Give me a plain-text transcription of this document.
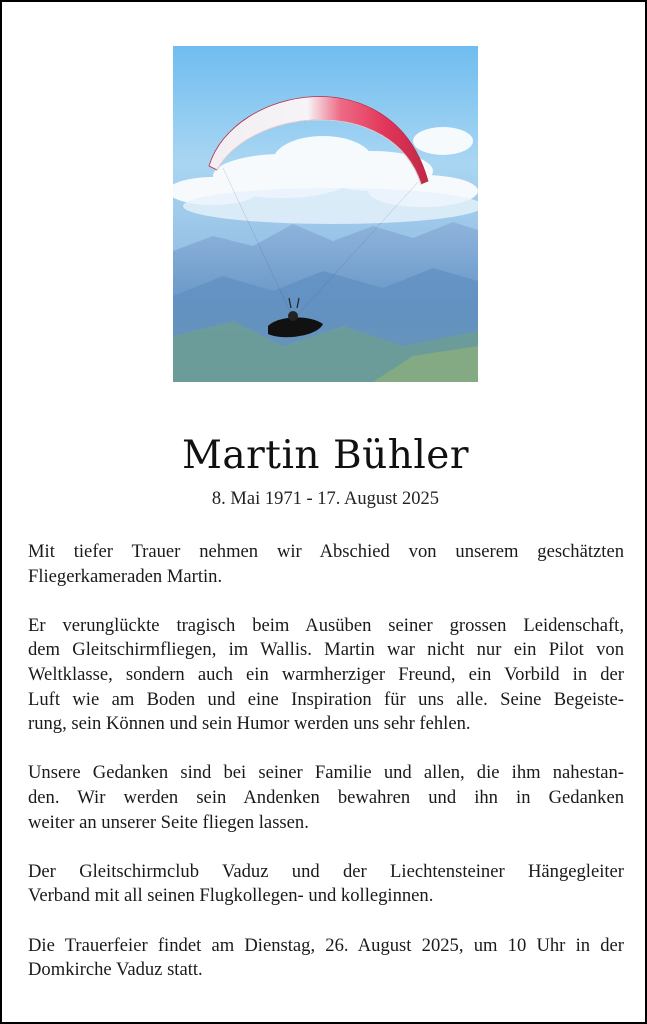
Martin Bühler
8. Mai 1971 - 17. August 2025

Mit tiefer Trauer nehmen wir Abschied von unserem geschätzten
Fliegerkameraden Martin.

Er verunglückte tragisch beim Ausüben seiner grossen Leidenschaft,
dem Gleitschirmfliegen, im Wallis. Martin war nicht nur ein Pilot von
Weltklasse, sondern auch ein warmherziger Freund, ein Vorbild in der
Luft wie am Boden und eine Inspiration für uns alle. Seine Begeiste-
rung, sein Können und sein Humor werden uns sehr fehlen.

Unsere Gedanken sind bei seiner Familie und allen, die ihm nahestan-
den. Wir werden sein Andenken bewahren und ihn in Gedanken
weiter an unserer Seite fliegen lassen.

Der Gleitschirmclub Vaduz und der Liechtensteiner Hängegleiter
Verband mit all seinen Flugkollegen- und kolleginnen.

Die Trauerfeier findet am Dienstag, 26. August 2025, um 10 Uhr in der
Domkirche Vaduz statt.
